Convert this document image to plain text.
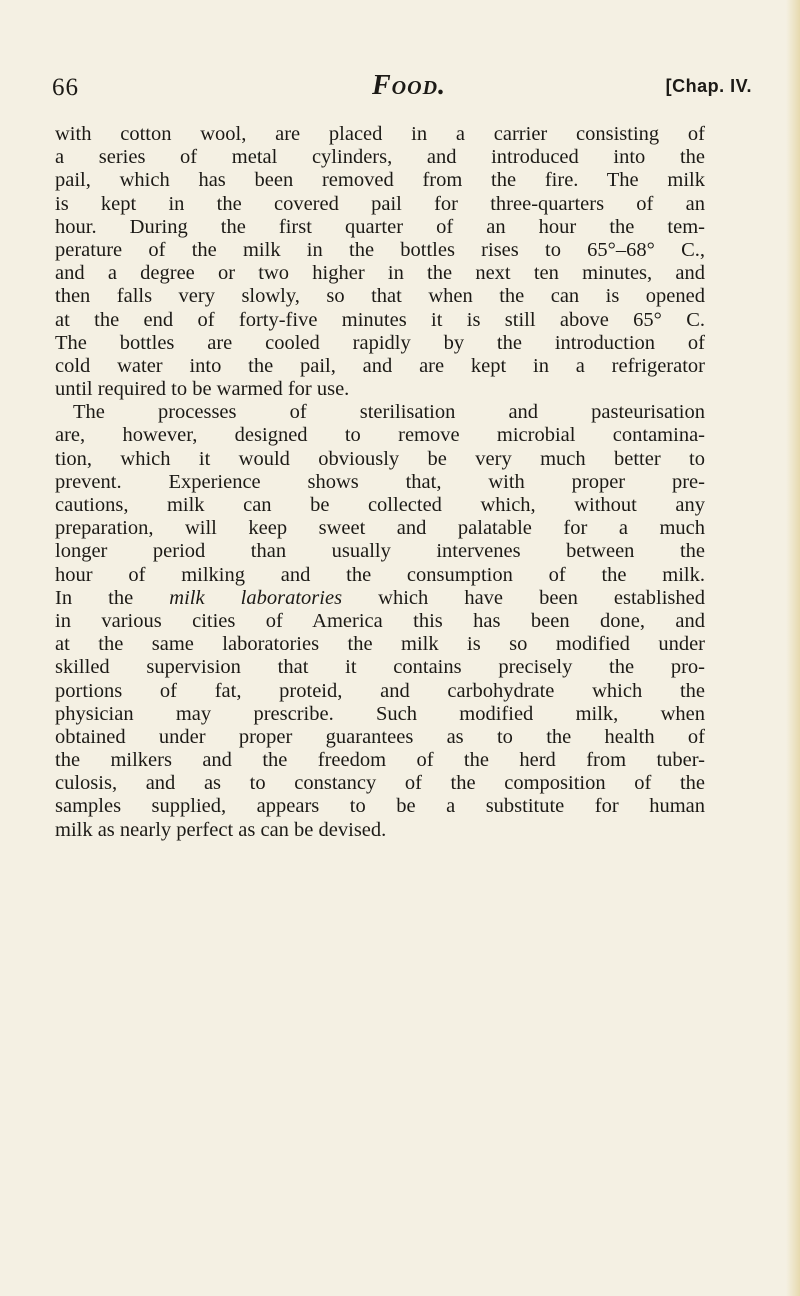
66	Food.	[Chap. IV.
with cotton wool, are placed in a carrier consisting of
a series of metal cylinders, and introduced into the
pail, which has been removed from the fire. The milk
is kept in the covered pail for three-quarters of an
hour. During the first quarter of an hour the tem-
perature of the milk in the bottles rises to 65°–68° C.,
and a degree or two higher in the next ten minutes, and
then falls very slowly, so that when the can is opened
at the end of forty-five minutes it is still above 65° C.
The bottles are cooled rapidly by the introduction of
cold water into the pail, and are kept in a refrigerator
until required to be warmed for use.
The processes of sterilisation and pasteurisation
are, however, designed to remove microbial contamina-
tion, which it would obviously be very much better to
prevent. Experience shows that, with proper pre-
cautions, milk can be collected which, without any
preparation, will keep sweet and palatable for a much
longer period than usually intervenes between the
hour of milking and the consumption of the milk.
In the milk laboratories which have been established
in various cities of America this has been done, and
at the same laboratories the milk is so modified under
skilled supervision that it contains precisely the pro-
portions of fat, proteid, and carbohydrate which the
physician may prescribe. Such modified milk, when
obtained under proper guarantees as to the health of
the milkers and the freedom of the herd from tuber-
culosis, and as to constancy of the composition of the
samples supplied, appears to be a substitute for human
milk as nearly perfect as can be devised.
